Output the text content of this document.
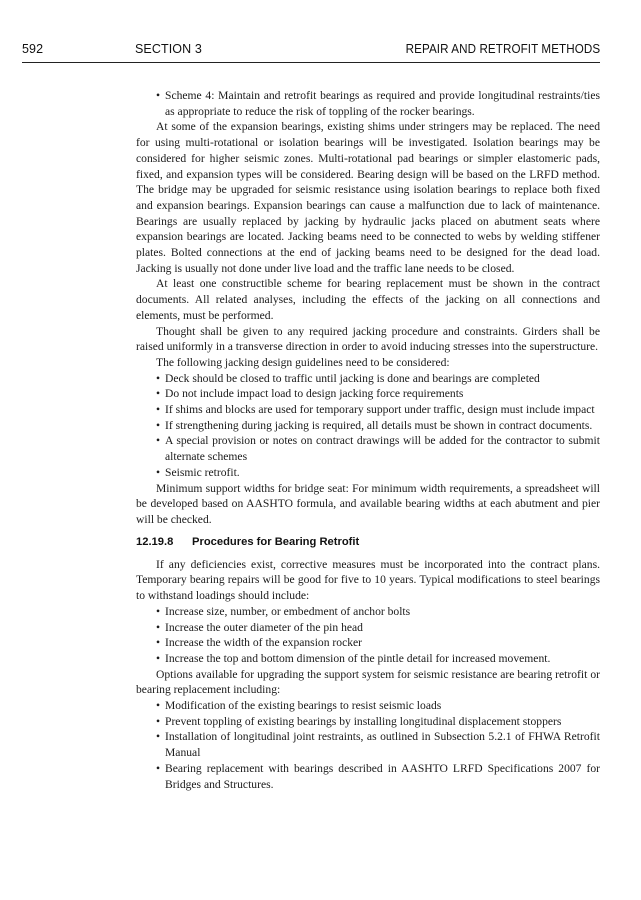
592	SECTION 3	REPAIR AND RETROFIT METHODS
• Scheme 4: Maintain and retrofit bearings as required and provide longitudinal restraints/ties as appropriate to reduce the risk of toppling of the rocker bearings.

At some of the expansion bearings, existing shims under stringers may be replaced. The need for using multi-rotational or isolation bearings will be investigated. Isolation bearings may be considered for higher seismic zones. Multi-rotational pad bearings or simpler elastomeric pads, fixed, and expansion types will be considered. Bearing design will be based on the LRFD method. The bridge may be upgraded for seismic resistance using isolation bearings to replace both fixed and expansion bearings. Expansion bearings can cause a malfunction due to lack of maintenance. Bearings are usually replaced by jacking by hydraulic jacks placed on abutment seats where expansion bearings are located. Jacking beams need to be connected to webs by welding stiffener plates. Bolted connections at the end of jacking beams need to be designed for the dead load. Jacking is usually not done under live load and the traffic lane needs to be closed.

At least one constructible scheme for bearing replacement must be shown in the contract documents. All related analyses, including the effects of the jacking on all connections and elements, must be performed.

Thought shall be given to any required jacking procedure and constraints. Girders shall be raised uniformly in a transverse direction in order to avoid inducing stresses into the superstructure.

The following jacking design guidelines need to be considered:

• Deck should be closed to traffic until jacking is done and bearings are completed
• Do not include impact load to design jacking force requirements
• If shims and blocks are used for temporary support under traffic, design must include impact
• If strengthening during jacking is required, all details must be shown in contract documents.
• A special provision or notes on contract drawings will be added for the contractor to submit alternate schemes
• Seismic retrofit.

Minimum support widths for bridge seat: For minimum width requirements, a spreadsheet will be developed based on AASHTO formula, and available bearing widths at each abutment and pier will be checked.

12.19.8 Procedures for Bearing Retrofit

If any deficiencies exist, corrective measures must be incorporated into the contract plans. Temporary bearing repairs will be good for five to 10 years. Typical modifications to steel bearings to withstand loadings should include:

• Increase size, number, or embedment of anchor bolts
• Increase the outer diameter of the pin head
• Increase the width of the expansion rocker
• Increase the top and bottom dimension of the pintle detail for increased movement.

Options available for upgrading the support system for seismic resistance are bearing retrofit or bearing replacement including:

• Modification of the existing bearings to resist seismic loads
• Prevent toppling of existing bearings by installing longitudinal displacement stoppers
• Installation of longitudinal joint restraints, as outlined in Subsection 5.2.1 of FHWA Retrofit Manual
• Bearing replacement with bearings described in AASHTO LRFD Specifications 2007 for Bridges and Structures.
